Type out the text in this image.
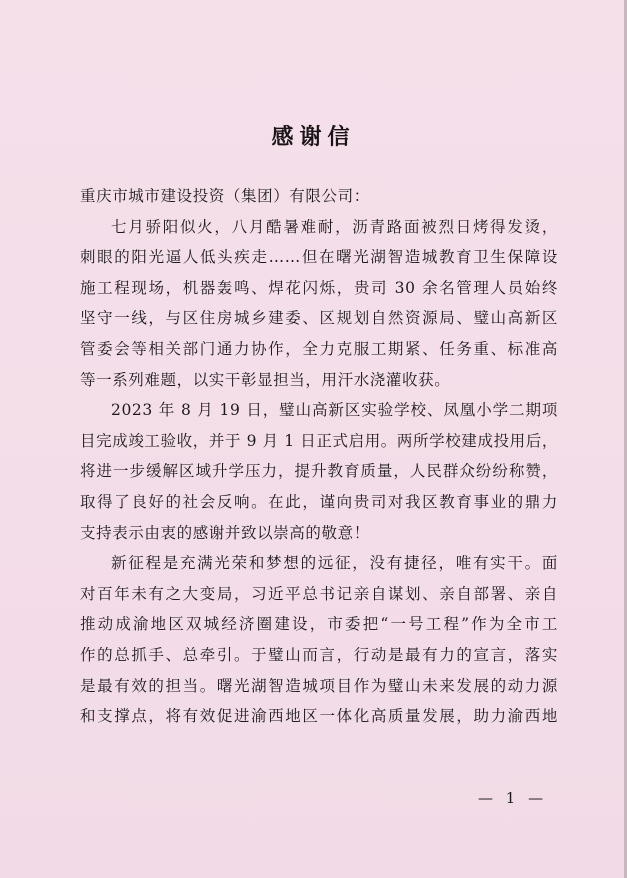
感谢信

重庆市城市建设投资（集团）有限公司：

七月骄阳似火，八月酷暑难耐，沥青路面被烈日烤得发烫，
刺眼的阳光逼人低头疾走……但在曙光湖智造城教育卫生保障设
施工程现场，机器轰鸣、焊花闪烁，贵司 30 余名管理人员始终
坚守一线，与区住房城乡建委、区规划自然资源局、璧山高新区
管委会等相关部门通力协作，全力克服工期紧、任务重、标准高
等一系列难题，以实干彰显担当，用汗水浇灌收获。

2023 年 8 月 19 日，璧山高新区实验学校、凤凰小学二期项
目完成竣工验收，并于 9 月 1 日正式启用。两所学校建成投用后，
将进一步缓解区域升学压力，提升教育质量，人民群众纷纷称赞，
取得了良好的社会反响。在此，谨向贵司对我区教育事业的鼎力
支持表示由衷的感谢并致以崇高的敬意！

新征程是充满光荣和梦想的远征，没有捷径，唯有实干。面
对百年未有之大变局，习近平总书记亲自谋划、亲自部署、亲自
推动成渝地区双城经济圈建设，市委把“一号工程”作为全市工
作的总抓手、总牵引。于璧山而言，行动是最有力的宣言，落实
是最有效的担当。曙光湖智造城项目作为璧山未来发展的动力源
和支撑点，将有效促进渝西地区一体化高质量发展，助力渝西地

— 1 —
